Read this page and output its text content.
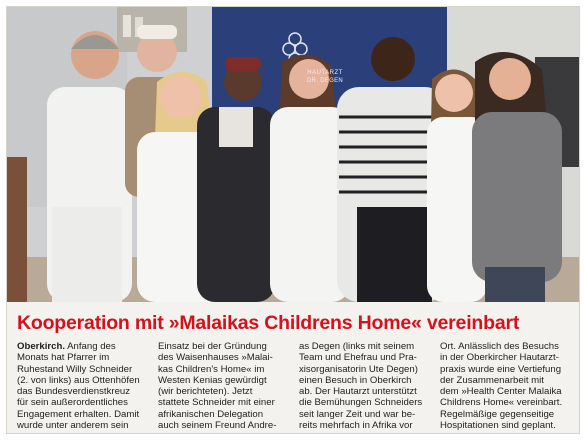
HAUTARZT
DR. DEGEN
Kooperation mit »Malaikas Childrens Home« vereinbart

Oberkirch. Anfang des

Monats hat Pfarrer im

Ruhestand Willy Schneider

(2. von links) aus Ottenhöfen

das Bundesverdienstkreuz

für sein außerordentliches

Engagement erhalten. Damit

wurde unter anderem sein

Einsatz bei der Gründung

des Waisenhauses »Malai-

kas Children's Home« im

Westen Kenias gewürdigt

(wir berichteten). Jetzt

stattete Schneider mit einer

afrikanischen Delegation

auch seinem Freund Andre-

as Degen (links mit seinem

Team und Ehefrau und Pra-

xisorganisatorin Ute Degen)

einen Besuch in Oberkirch

ab. Der Hautarzt unterstützt

die Bemühungen Schneiders

seit langer Zeit und war be-

reits mehrfach in Afrika vor

Ort. Anlässlich des Besuchs

in der Oberkircher Hautarzt-

praxis wurde eine Vertiefung

der Zusammenarbeit mit

dem »Health Center Malaika

Childrens Home« vereinbart.

Regelmäßige gegenseitige

Hospitationen sind geplant.
